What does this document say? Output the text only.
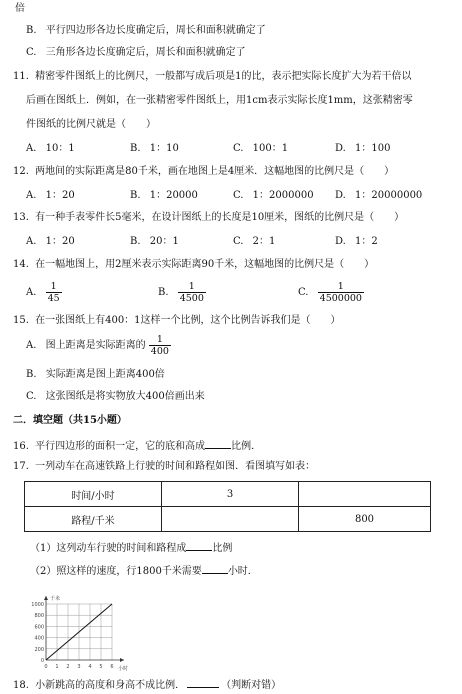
倍
B. 平行四边形各边长度确定后，周长和面积就确定了
C. 三角形各边长度确定后，周长和面积就确定了
11. 精密零件图纸上的比例尺，一般都写成后项是1的比，表示把实际长度扩大为若干倍以
后画在图纸上．例如，在一张精密零件图纸上，用1cm表示实际长度1mm，这张精密零
件图纸的比例尺就是（　　）
A. 10：1	B. 1：10	C. 100：1	D. 1：100
12. 两地间的实际距离是80千米，画在地图上是4厘米．这幅地图的比例尺是（　　）
A. 1：20	B. 1：20000	C. 1：2000000 D. 1：20000000
13. 有一种手表零件长5毫米，在设计图纸上的长度是10厘米，图纸的比例尺是（　　）
A. 1：20	B. 20：1	C. 2：1	D. 1：2
14. 在一幅地图上，用2厘米表示实际距离90千米，这幅地图的比例尺是（　　）
A. $\frac{1}{45}$	B. $\frac{1}{4500}$	C. $\frac{1}{4500000}$
15. 在一张图纸上有400：1这样一个比例，这个比例告诉我们是（　　）
A. 图上距离是实际距离的 $\frac{1}{400}$
B. 实际距离是图上距离400倍
C. 这张图纸是将实物放大400倍画出来
二．填空题（共15小题）
16. 平行四边形的面积一定，它的底和高成	比例．
17. 一列动车在高速铁路上行驶的时间和路程如图．看图填写如表：
时间/小时	3	
路程/千米		800
（1）这列动车行驶的时间和路程成	比例
（2）照这样的速度，行1800千米需要	小时．
0 1 2 3 4 5 6
0
200
400
600
800
1000
千米
小时
18. 小新跳高的高度和身高不成比例．	（判断对错）
